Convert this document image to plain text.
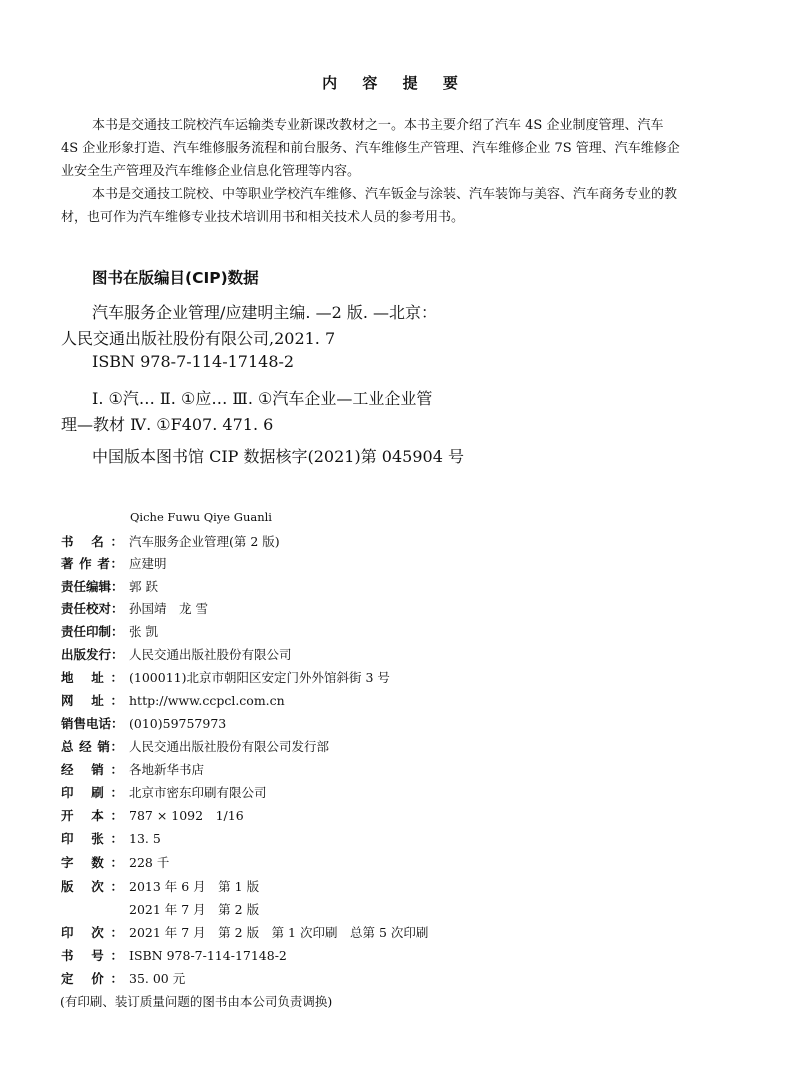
内 容 提 要
本书是交通技工院校汽车运输类专业新课改教材之一。本书主要介绍了汽车 4S 企业制度管理、汽车
4S 企业形象打造、汽车维修服务流程和前台服务、汽车维修生产管理、汽车维修企业 7S 管理、汽车维修企
业安全生产管理及汽车维修企业信息化管理等内容。
本书是交通技工院校、中等职业学校汽车维修、汽车钣金与涂装、汽车装饰与美容、汽车商务专业的教
材，也可作为汽车维修专业技术培训用书和相关技术人员的参考用书。
图书在版编目(CIP)数据
汽车服务企业管理/应建明主编. —2 版. —北京：
人民交通出版社股份有限公司,2021. 7
ISBN 978-7-114-17148-2
Ⅰ. ①汽… Ⅱ. ①应… Ⅲ. ①汽车企业—工业企业管
理—教材 Ⅳ. ①F407. 471. 6
中国版本图书馆 CIP 数据核字(2021)第 045904 号
Qiche Fuwu Qiye Guanli
书 名： 汽车服务企业管理(第 2 版)
著 作 者： 应建明
责任编辑： 郭 跃
责任校对： 孙国靖　龙 雪
责任印制： 张 凯
出版发行： 人民交通出版社股份有限公司
地 址： (100011)北京市朝阳区安定门外外馆斜街 3 号
网 址： http://www.ccpcl.com.cn
销售电话： (010)59757973
总 经 销： 人民交通出版社股份有限公司发行部
经 销： 各地新华书店
印 刷： 北京市密东印刷有限公司
开 本： 787 × 1092　1/16
印 张： 13. 5
字 数： 228 千
版 次： 2013 年 6 月　第 1 版
2021 年 7 月　第 2 版
印 次： 2021 年 7 月　第 2 版　第 1 次印刷　总第 5 次印刷
书 号： ISBN 978-7-114-17148-2
定 价： 35. 00 元
(有印刷、装订质量问题的图书由本公司负责调换)
